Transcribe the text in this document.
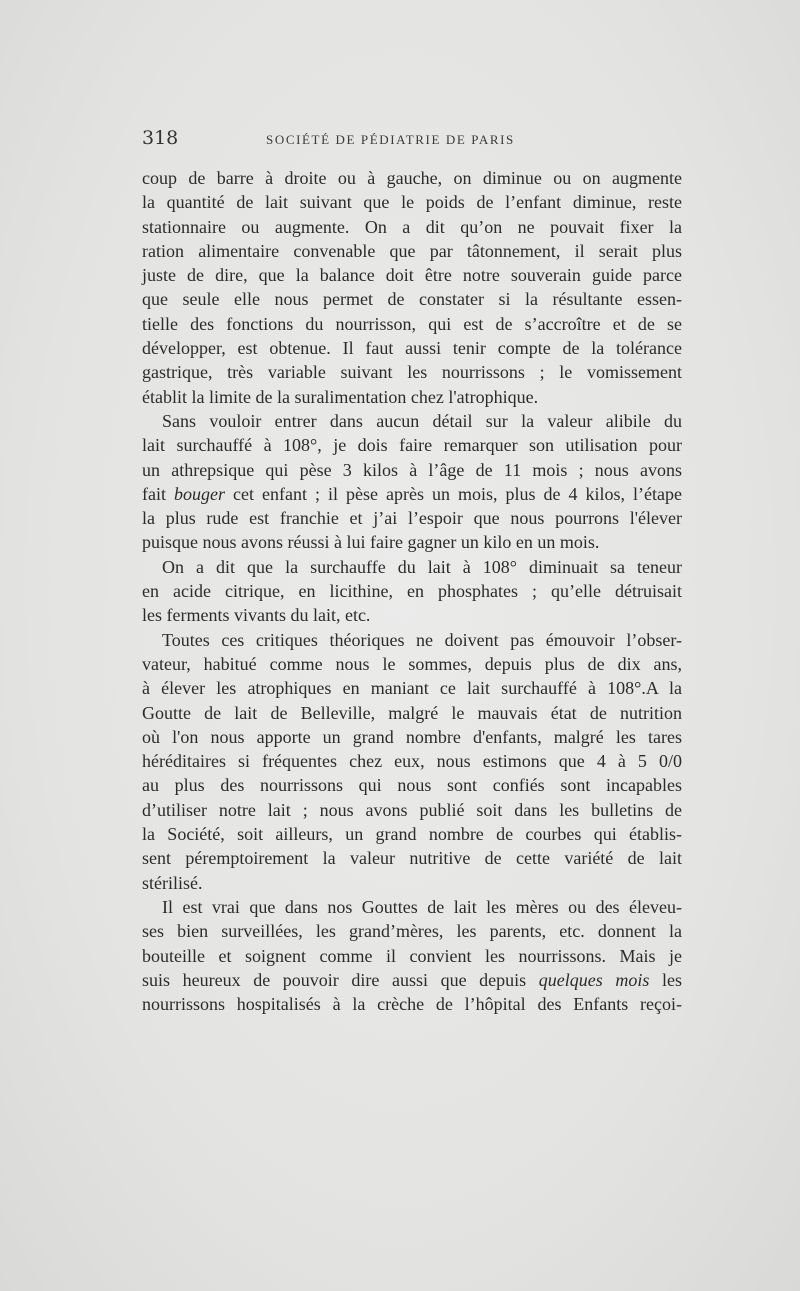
318	SOCIÉTÉ DE PÉDIATRIE DE PARIS
coup de barre à droite ou à gauche, on diminue ou on augmente
la quantité de lait suivant que le poids de l’enfant diminue, reste
stationnaire ou augmente. On a dit qu’on ne pouvait fixer la
ration alimentaire convenable que par tâtonnement, il serait plus
juste de dire, que la balance doit être notre souverain guide parce
que seule elle nous permet de constater si la résultante essen-
tielle des fonctions du nourrisson, qui est de s’accroître et de se
développer, est obtenue. Il faut aussi tenir compte de la tolérance
gastrique, très variable suivant les nourrissons ; le vomissement
établit la limite de la suralimentation chez l'atrophique.
Sans vouloir entrer dans aucun détail sur la valeur alibile du
lait surchauffé à 108°, je dois faire remarquer son utilisation pour
un athrepsique qui pèse 3 kilos à l’âge de 11 mois ; nous avons
fait bouger cet enfant ; il pèse après un mois, plus de 4 kilos, l’étape
la plus rude est franchie et j’ai l’espoir que nous pourrons l'élever
puisque nous avons réussi à lui faire gagner un kilo en un mois.
On a dit que la surchauffe du lait à 108° diminuait sa teneur
en acide citrique, en licithine, en phosphates ; qu’elle détruisait
les ferments vivants du lait, etc.
Toutes ces critiques théoriques ne doivent pas émouvoir l’obser-
vateur, habitué comme nous le sommes, depuis plus de dix ans,
à élever les atrophiques en maniant ce lait surchauffé à 108°.A la
Goutte de lait de Belleville, malgré le mauvais état de nutrition
où l'on nous apporte un grand nombre d'enfants, malgré les tares
héréditaires si fréquentes chez eux, nous estimons que 4 à 5 0/0
au plus des nourrissons qui nous sont confiés sont incapables
d’utiliser notre lait ; nous avons publié soit dans les bulletins de
la Société, soit ailleurs, un grand nombre de courbes qui établis-
sent péremptoirement la valeur nutritive de cette variété de lait
stérilisé.
Il est vrai que dans nos Gouttes de lait les mères ou des éleveu-
ses bien surveillées, les grand’mères, les parents, etc. donnent la
bouteille et soignent comme il convient les nourrissons. Mais je
suis heureux de pouvoir dire aussi que depuis quelques mois les
nourrissons hospitalisés à la crèche de l’hôpital des Enfants reçoi-
